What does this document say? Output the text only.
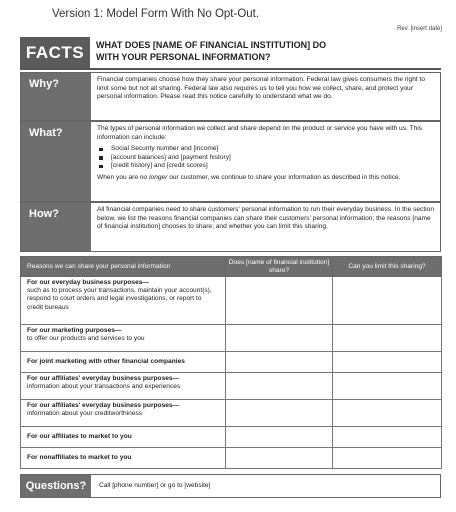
Version 1: Model Form With No Opt-Out.
Rev. [insert date]
FACTS	WHAT DOES [NAME OF FINANCIAL INSTITUTION] DO
WITH YOUR PERSONAL INFORMATION?
Why?	Financial companies choose how they share your personal information. Federal law gives consumers the right to limit some but not all sharing. Federal law also requires us to tell you how we collect, share, and protect your personal information. Please read this notice carefully to understand what we do.
What?	The types of personal information we collect and share depend on the product or service you have with us. This information can include:
Social Security number and [income]
[account balances] and [payment history]
[credit history] and [credit scores]
When you are no longer our customer, we continue to share your information as described in this notice.
How?	All financial companies need to share customers' personal information to run their everyday business. In the section below, we list the reasons financial companies can share their customers' personal information; the reasons [name of financial institution] chooses to share; and whether you can limit this sharing.
Reasons we can share your personal information	Does [name of financial institution] share?	Can you limit this sharing?
For our everyday business purposes—
such as to process your transactions, maintain your account(s), respond to court orders and legal investigations, or report to credit bureaus		

For our marketing purposes—
to offer our products and services to you		

For joint marketing with other financial companies		
For our affiliates' everyday business purposes—
information about your transactions and experiences		

For our affiliates' everyday business purposes—
information about your creditworthiness		

For our affiliates to market to you		
For nonaffiliates to market to you		
Questions?	Call [phone number] or go to [website]
